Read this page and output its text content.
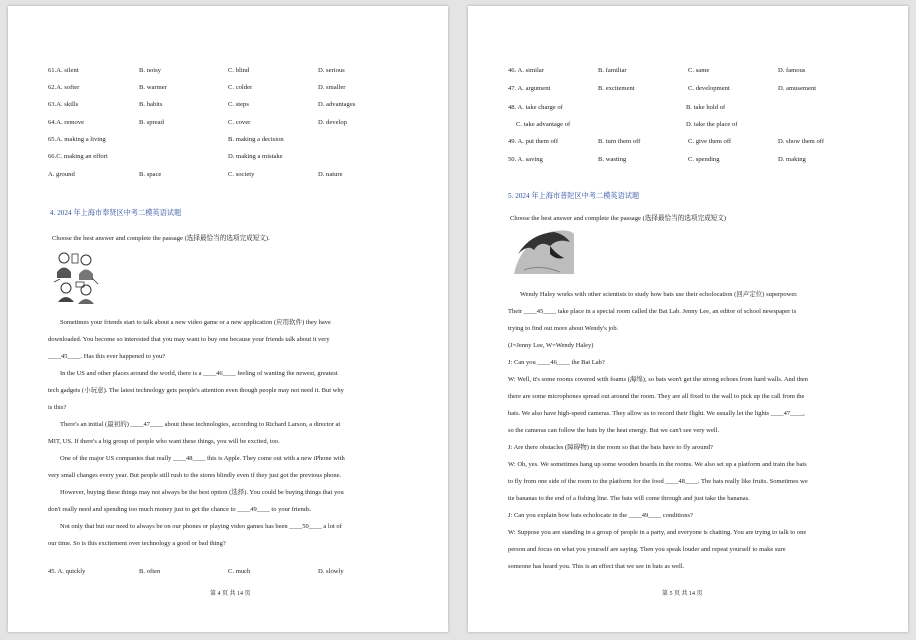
61.A. silent	B. noisy	C. blind	D. serious
62.A. softer	B. warmer	C. colder	D. smaller
63.A. skills	B. habits	C. steps	D. advantages
64.A. remove	B. spread	C. cover	D. develop
65.A. making a living	B. making a decision
66.C. making an effort	D. making a mistake
A. ground	B. space	C. society	D. nature
4. 2024 年上海市奉贤区中考二模英语试题
Choose the best answer and complete the passage (选择最恰当的选项完成短文).
Sometimes your friends start to talk about a new video game or a new application (应用软件) they have
downloaded. You become so interested that you may want to buy one because your friends talk about it very
____45____. Has this ever happened to you?
In the US and other places around the world, there is a ____46____ feeling of wanting the newest, greatest
tech gadgets (小玩意). The latest technology gets people's attention even though people may not need it. But why
is this?
There's an initial (最初的) ____47____ about these technologies, according to Richard Larson, a director at
MIT, US. If there's a big group of people who want these things, you will be excited, too.
One of the major US companies that really ____48____ this is Apple. They come out with a new iPhone with
very small changes every year. But people still rush to the stores blindly even if they just got the previous phone.
However, buying these things may not always be the best option (选择). You could be buying things that you
don't really need and spending too much money just to get the chance to ____49____ to your friends.
Not only that but our need to always be on our phones or playing video games has been ____50____ a lot of
our time. So is this excitement over technology a good or bad thing?
45. A. quickly	B. often	C. much	D. slowly
第 4 页 共 14 页
46. A. similar	B. familiar	C. same	D. famous
47. A. argument	B. excitement	C. development	D. amusement
48. A. take charge of	B. take hold of
C. take advantage of	D. take the place of
49. A. put them off	B. turn them off	C. give them off	D. show them off
50. A. saving	B. wasting	C. spending	D. making
5. 2024 年上海市普陀区中考二模英语试题
Choose the best answer and complete the passage (选择最恰当的选项完成短文)
Wendy Haley works with other scientists to study how bats use their echolocation (回声定位) superpower.
Their ____45____ take place in a special room called the Bat Lab. Jenny Lee, an editor of school newspaper is
trying to find out more about Wendy's job.
(J=Jenny Lee, W=Wendy Haley)
J: Can you ____46____ the Bat Lab?
W: Well, it's some rooms covered with foams (海绵), so bats won't get the strong echoes from hard walls. And then
there are some microphones spread out around the room. They are all fixed to the wall to pick up the call from the
bats. We also have high-speed cameras. They allow us to record their flight. We usually let the lights ____47____,
so the cameras can follow the bats by the heat energy. But we can't see very well.
J: Are there obstacles (障碍物) in the room so that the bats have to fly around?
W: Oh, yes. We sometimes hang up some wooden boards in the rooms. We also set up a platform and train the bats
to fly from one side of the room to the platform for the food ____48____. The bats really like fruits. Sometimes we
tie bananas to the end of a fishing line. The bats will come through and just take the bananas.
J: Can you explain how bats echolocate in the ____49____ conditions?
W: Suppose you are standing in a group of people in a party, and everyone is chatting. You are trying to talk to one
person and focus on what you yourself are saying. Then you speak louder and repeat yourself to make sure
someone has heard you. This is an effect that we see in bats as well.
第 5 页 共 14 页
